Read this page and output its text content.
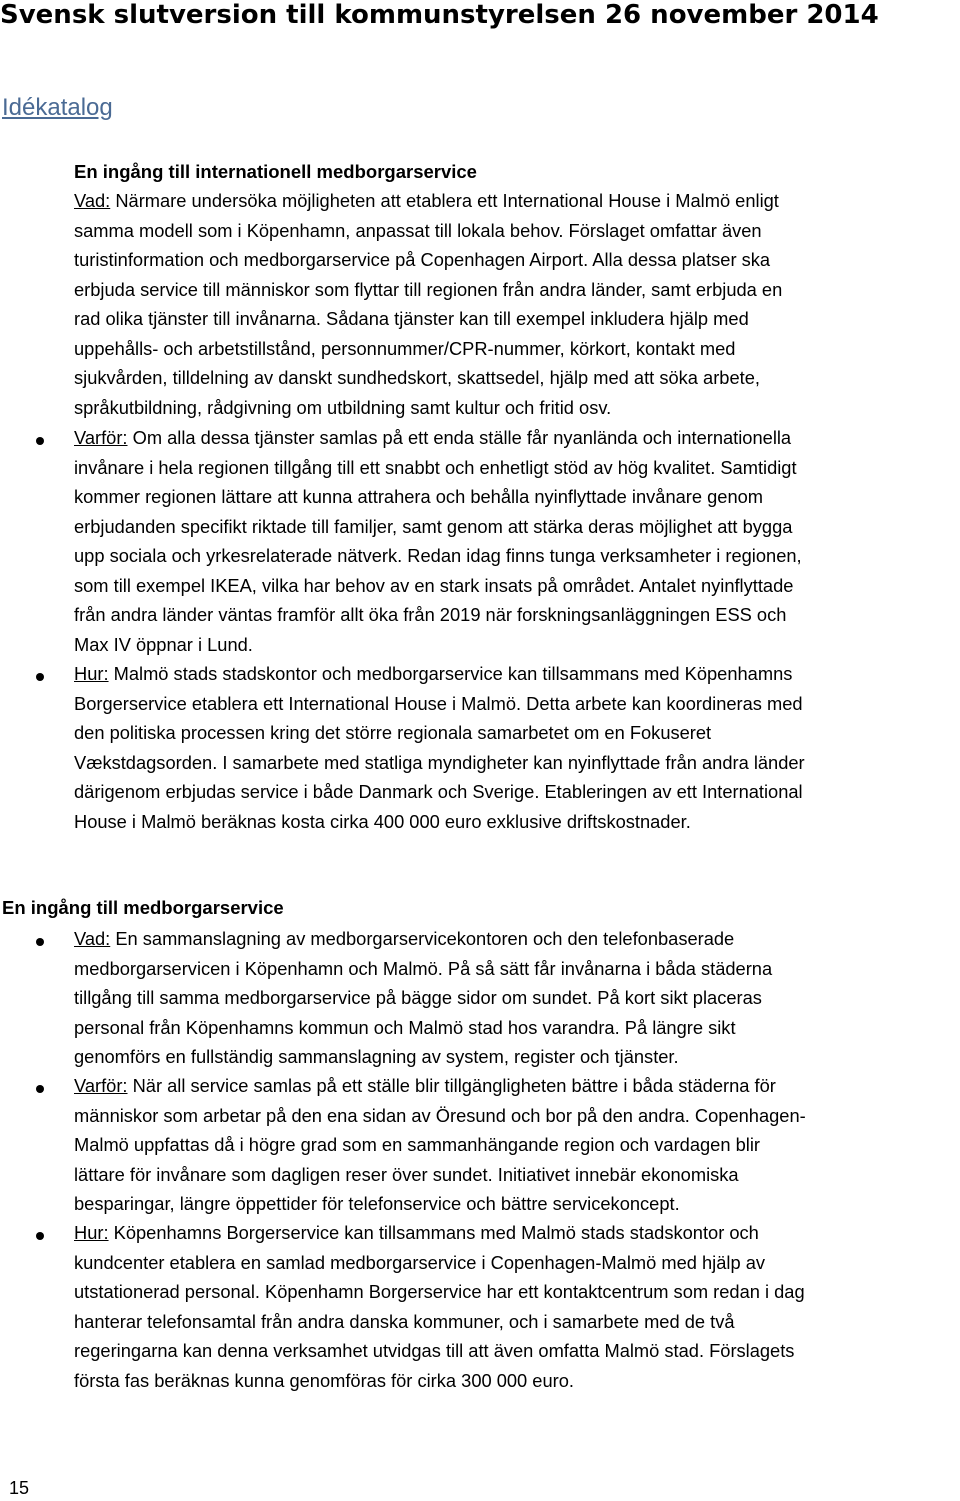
Svensk slutversion till kommunstyrelsen 26 november 2014
Idékatalog
En ingång till internationell medborgarservice
Vad: Närmare undersöka möjligheten att etablera ett International House i Malmö enligt
samma modell som i Köpenhamn, anpassat till lokala behov. Förslaget omfattar även
turistinformation och medborgarservice på Copenhagen Airport. Alla dessa platser ska
erbjuda service till människor som flyttar till regionen från andra länder, samt erbjuda en
rad olika tjänster till invånarna. Sådana tjänster kan till exempel inkludera hjälp med
uppehålls- och arbetstillstånd, personnummer/CPR-nummer, körkort, kontakt med
sjukvården, tilldelning av danskt sundhedskort, skattsedel, hjälp med att söka arbete,
språkutbildning, rådgivning om utbildning samt kultur och fritid osv.
Varför: Om alla dessa tjänster samlas på ett enda ställe får nyanlända och internationella
invånare i hela regionen tillgång till ett snabbt och enhetligt stöd av hög kvalitet. Samtidigt
kommer regionen lättare att kunna attrahera och behålla nyinflyttade invånare genom
erbjudanden specifikt riktade till familjer, samt genom att stärka deras möjlighet att bygga
upp sociala och yrkesrelaterade nätverk. Redan idag finns tunga verksamheter i regionen,
som till exempel IKEA, vilka har behov av en stark insats på området. Antalet nyinflyttade
från andra länder väntas framför allt öka från 2019 när forskningsanläggningen ESS och
Max IV öppnar i Lund.
Hur: Malmö stads stadskontor och medborgarservice kan tillsammans med Köpenhamns
Borgerservice etablera ett International House i Malmö. Detta arbete kan koordineras med
den politiska processen kring det större regionala samarbetet om en Fokuseret
Vækstdagsorden. I samarbete med statliga myndigheter kan nyinflyttade från andra länder
därigenom erbjudas service i både Danmark och Sverige. Etableringen av ett International
House i Malmö beräknas kosta cirka 400 000 euro exklusive driftskostnader.
En ingång till medborgarservice
Vad: En sammanslagning av medborgarservicekontoren och den telefonbaserade
medborgarservicen i Köpenhamn och Malmö. På så sätt får invånarna i båda städerna
tillgång till samma medborgarservice på bägge sidor om sundet. På kort sikt placeras
personal från Köpenhamns kommun och Malmö stad hos varandra. På längre sikt
genomförs en fullständig sammanslagning av system, register och tjänster.
Varför: När all service samlas på ett ställe blir tillgängligheten bättre i båda städerna för
människor som arbetar på den ena sidan av Öresund och bor på den andra. Copenhagen-
Malmö uppfattas då i högre grad som en sammanhängande region och vardagen blir
lättare för invånare som dagligen reser över sundet. Initiativet innebär ekonomiska
besparingar, längre öppettider för telefonservice och bättre servicekoncept.
Hur: Köpenhamns Borgerservice kan tillsammans med Malmö stads stadskontor och
kundcenter etablera en samlad medborgarservice i Copenhagen-Malmö med hjälp av
utstationerad personal. Köpenhamn Borgerservice har ett kontaktcentrum som redan i dag
hanterar telefonsamtal från andra danska kommuner, och i samarbete med de två
regeringarna kan denna verksamhet utvidgas till att även omfatta Malmö stad. Förslagets
första fas beräknas kunna genomföras för cirka 300 000 euro.
15
